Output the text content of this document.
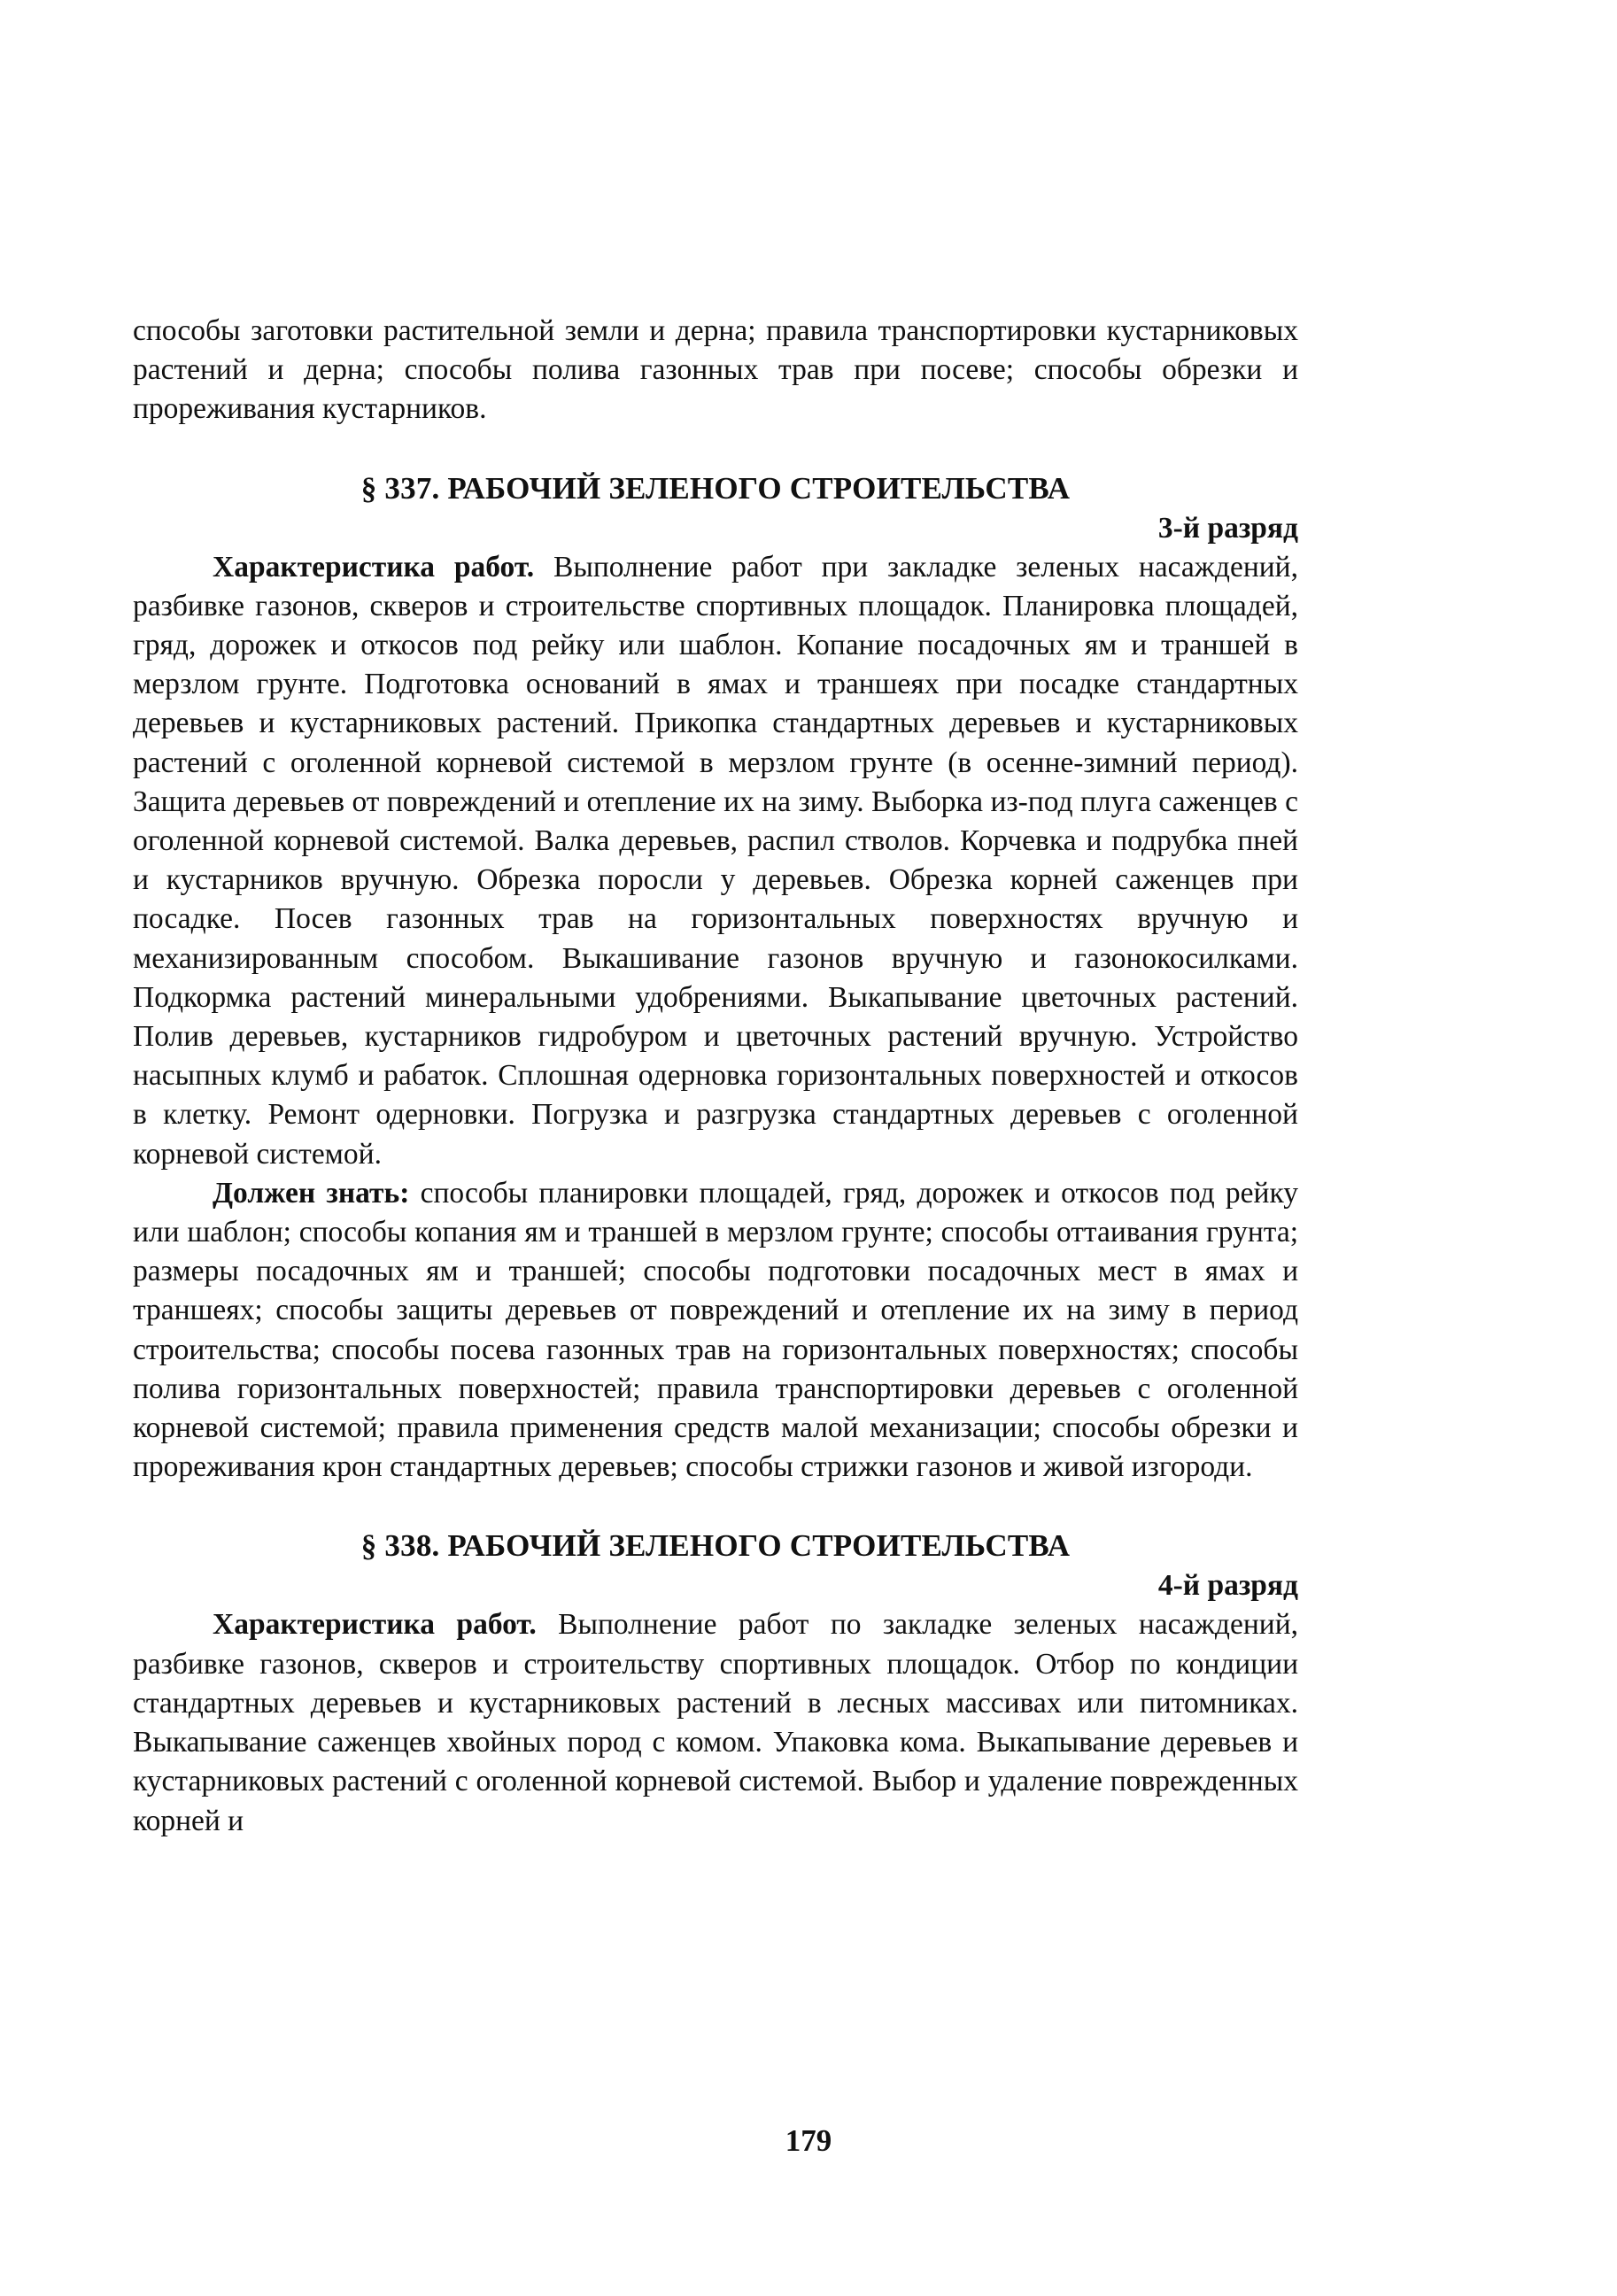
способы заготовки растительной земли и дерна; правила транспортировки кустарниковых растений и дерна; способы полива газонных трав при посеве; способы обрезки и прореживания кустарников.

§ 337. РАБОЧИЙ ЗЕЛЕНОГО СТРОИТЕЛЬСТВА
3-й разряд

Характеристика работ. Выполнение работ при закладке зеленых насаждений, разбивке газонов, скверов и строительстве спортивных площадок. Планировка площадей, гряд, дорожек и откосов под рейку или шаблон. Копание посадочных ям и траншей в мерзлом грунте. Подготовка оснований в ямах и траншеях при посадке стандартных деревьев и кустарниковых растений. Прикопка стандартных деревьев и кустарниковых растений с оголенной корневой системой в мерзлом грунте (в осенне-зимний период). Защита деревьев от повреждений и отепление их на зиму. Выборка из-под плуга саженцев с оголенной корневой системой. Валка деревьев, распил стволов. Корчевка и подрубка пней и кустарников вручную. Обрезка поросли у деревьев. Обрезка корней саженцев при посадке. Посев газонных трав на горизонтальных поверхностях вручную и механизированным способом. Выкашивание газонов вручную и газонокосилками. Подкормка растений минеральными удобрениями. Выкапывание цветочных растений. Полив деревьев, кустарников гидробуром и цветочных растений вручную. Устройство насыпных клумб и рабаток. Сплошная одерновка горизонтальных поверхностей и откосов в клетку. Ремонт одерновки. Погрузка и разгрузка стандартных деревьев с оголенной корневой системой.

Должен знать: способы планировки площадей, гряд, дорожек и откосов под рейку или шаблон; способы копания ям и траншей в мерзлом грунте; способы оттаивания грунта; размеры посадочных ям и траншей; способы подготовки посадочных мест в ямах и траншеях; способы защиты деревьев от повреждений и отепление их на зиму в период строительства; способы посева газонных трав на горизонтальных поверхностях; способы полива горизонтальных поверхностей; правила транспортировки деревьев с оголенной корневой системой; правила применения средств малой механизации; способы обрезки и прореживания крон стандартных деревьев; способы стрижки газонов и живой изгороди.

§ 338. РАБОЧИЙ ЗЕЛЕНОГО СТРОИТЕЛЬСТВА
4-й разряд

Характеристика работ. Выполнение работ по закладке зеленых насаждений, разбивке газонов, скверов и строительству спортивных площадок. Отбор по кондиции стандартных деревьев и кустарниковых растений в лесных массивах или питомниках. Выкапывание саженцев хвойных пород с комом. Упаковка кома. Выкапывание деревьев и кустарниковых растений с оголенной корневой системой. Выбор и удаление поврежденных корней и

179
